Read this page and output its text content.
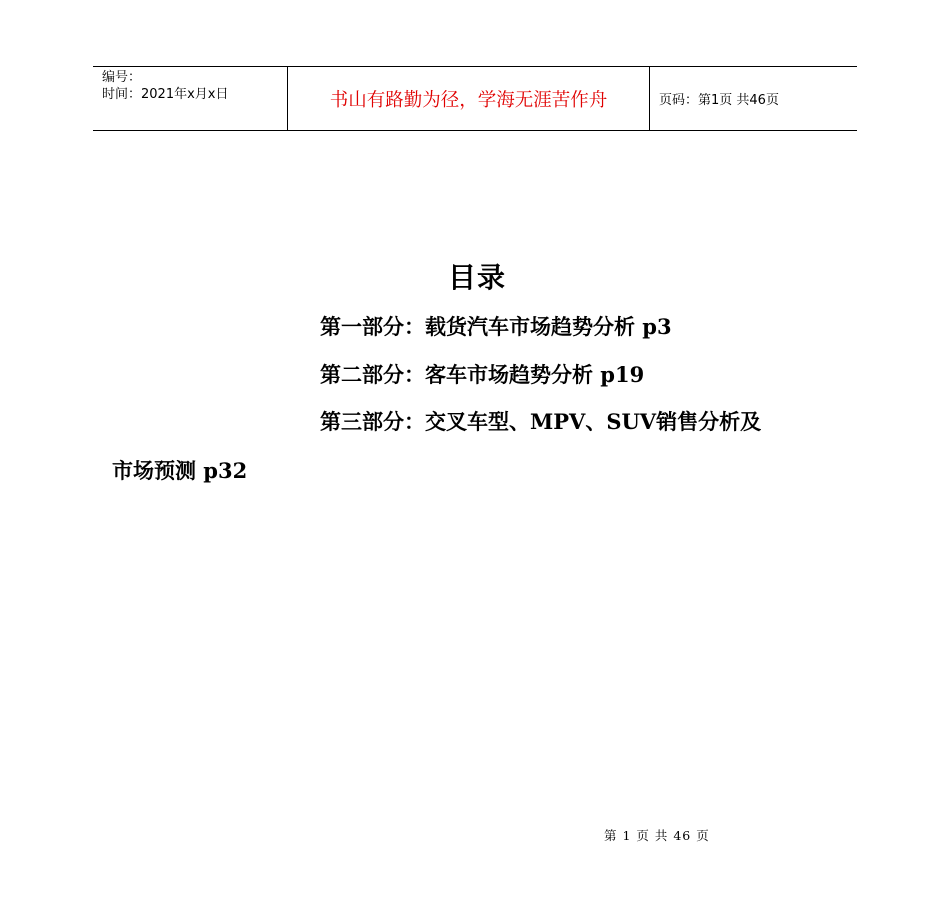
编号：
时间：2021年x月x日	书山有路勤为径，学海无涯苦作舟	页码：第1页 共46页
目录
第一部分：载货汽车市场趋势分析 p3
第二部分：客车市场趋势分析 p19
第三部分：交叉车型、MPV、SUV销售分析及
市场预测 p32
第 1 页 共 46 页
